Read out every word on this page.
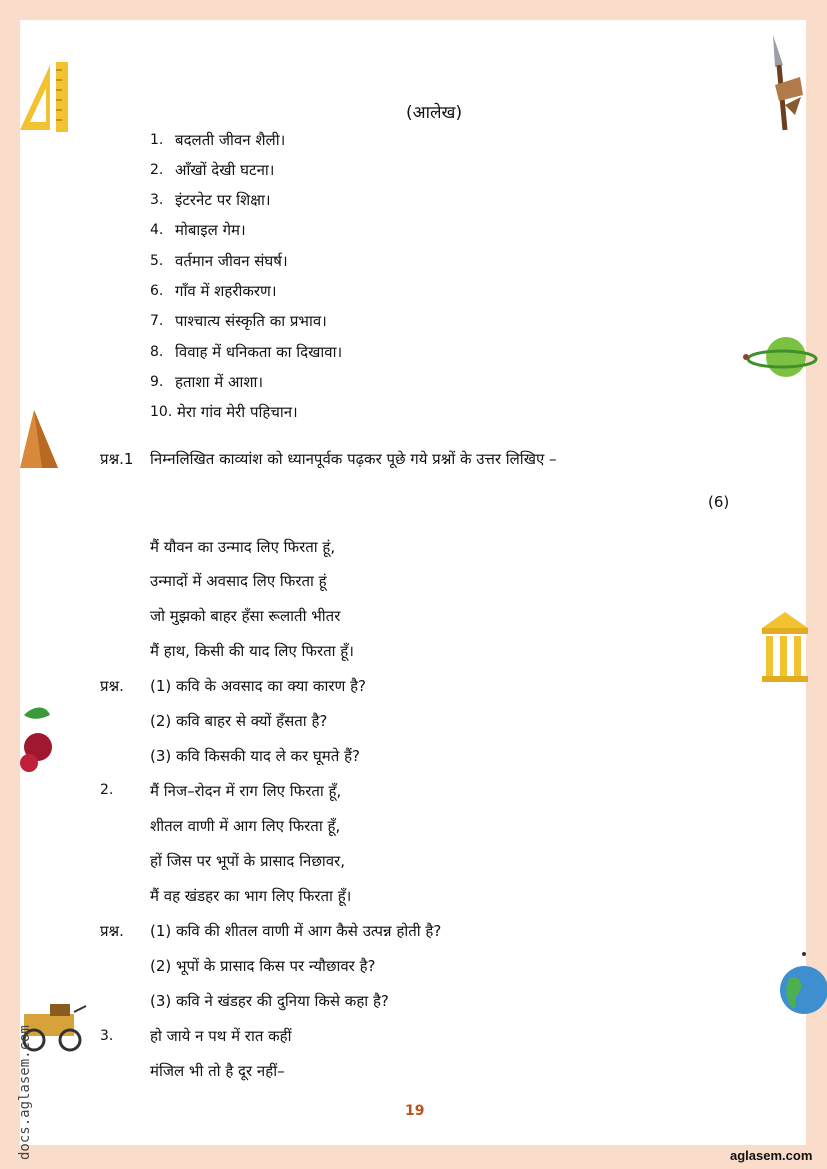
docs.aglasem.com
(आलेख)
1. बदलती जीवन शैली।
2. आँखों देखी घटना।
3. इंटरनेट पर शिक्षा।
4. मोबाइल गेम।
5. वर्तमान जीवन संघर्ष।
6. गाँव में शहरीकरण।
7. पाश्चात्य संस्कृति का प्रभाव।
8. विवाह में धनिकता का दिखावा।
9. हताशा में आशा।
10. मेरा गांव मेरी पहिचान।
प्रश्न.1 निम्नलिखित काव्यांश को ध्यानपूर्वक पढ़कर पूछे गये प्रश्नों के उत्तर लिखिए –
(6)
मैं यौवन का उन्माद लिए फिरता हूं,
उन्मादों में अवसाद लिए फिरता हूं
जो मुझको बाहर हँसा रूलाती भीतर
मैं हाथ, किसी की याद लिए फिरता हूँ।
प्रश्न. (1) कवि के अवसाद का क्या कारण है?
(2) कवि बाहर से क्यों हँसता है?
(3) कवि किसकी याद ले कर घूमते हैं?
2. मैं निज–रोदन में राग लिए फिरता हूँ,
शीतल वाणी में आग लिए फिरता हूँ,
हों जिस पर भूपों के प्रासाद निछावर,
मैं वह खंडहर का भाग लिए फिरता हूँ।
प्रश्न. (1) कवि की शीतल वाणी में आग कैसे उत्पन्न होती है?
(2) भूपों के प्रासाद किस पर न्यौछावर है?
(3) कवि ने खंडहर की दुनिया किसे कहा है?
3. हो जाये न पथ में रात कहीं
मंजिल भी तो है दूर नहीं–
19
aglasem.com
